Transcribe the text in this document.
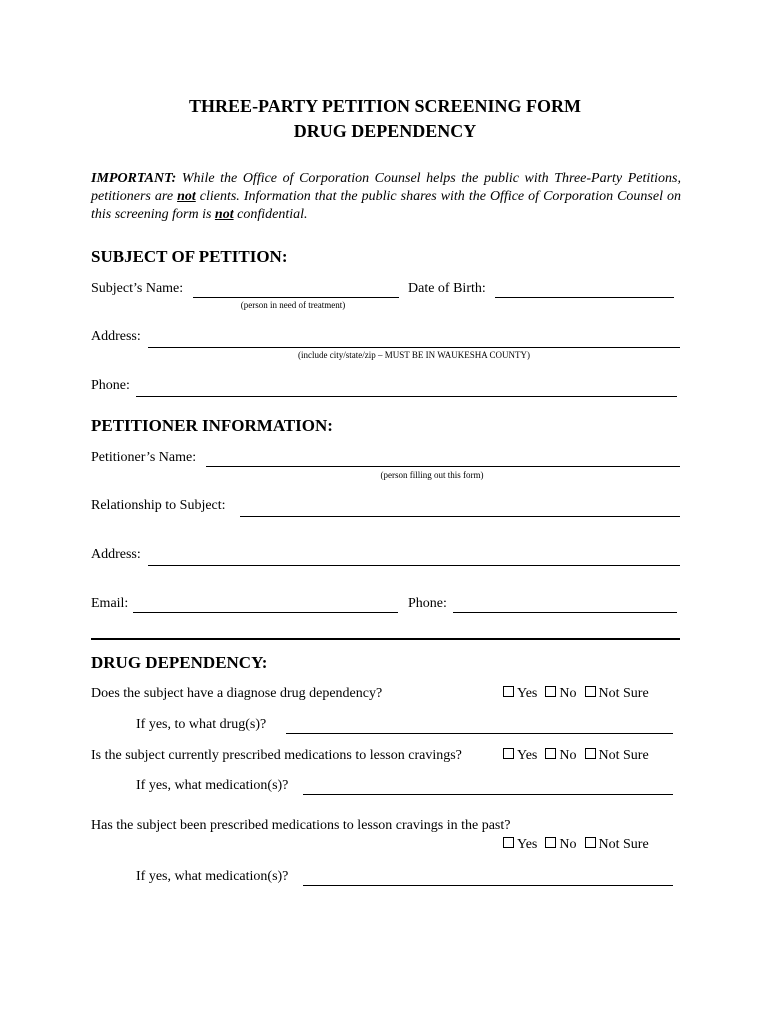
THREE-PARTY PETITION SCREENING FORM
DRUG DEPENDENCY
IMPORTANT: While the Office of Corporation Counsel helps the public with Three-Party Petitions, petitioners are not clients. Information that the public shares with the Office of Corporation Counsel on this screening form is not confidential.
SUBJECT OF PETITION:
Subject’s Name:
(person in need of treatment)
Date of Birth:
Address:
(include city/state/zip – MUST BE IN WAUKESHA COUNTY)
Phone:
PETITIONER INFORMATION:
Petitioner’s Name:
(person filling out this form)
Relationship to Subject:
Address:
Email:	Phone:
DRUG DEPENDENCY:
Does the subject have a diagnose drug dependency?	Yes No Not Sure
If yes, to what drug(s)?
Is the subject currently prescribed medications to lesson cravings?	Yes No Not Sure
If yes, what medication(s)?
Has the subject been prescribed medications to lesson cravings in the past?
Yes No Not Sure
If yes, what medication(s)?
